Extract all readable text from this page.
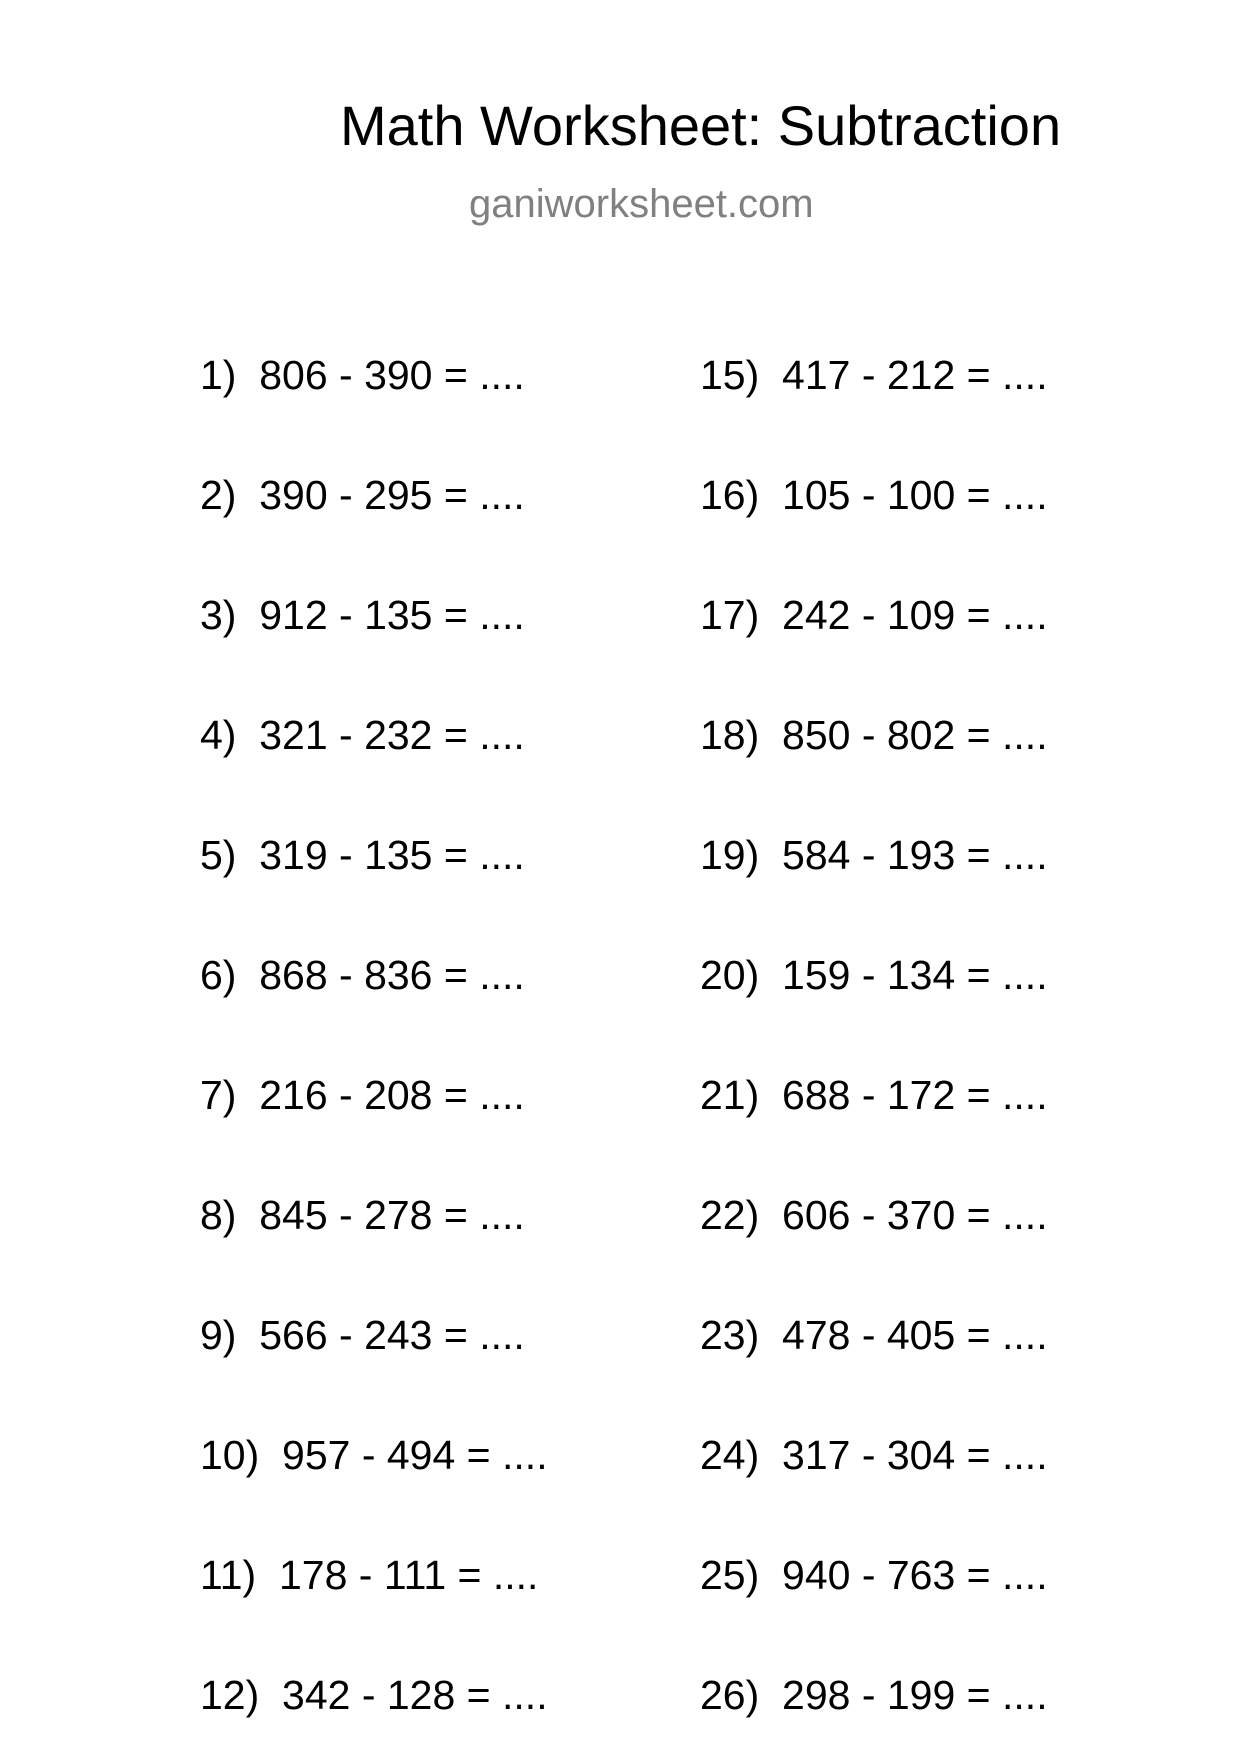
Math Worksheet: Subtraction
ganiworksheet.com
1)  806 - 390 = ....
2)  390 - 295 = ....
3)  912 - 135 = ....
4)  321 - 232 = ....
5)  319 - 135 = ....
6)  868 - 836 = ....
7)  216 - 208 = ....
8)  845 - 278 = ....
9)  566 - 243 = ....
10)  957 - 494 = ....
11)  178 - 111 = ....
12)  342 - 128 = ....
15)  417 - 212 = ....
16)  105 - 100 = ....
17)  242 - 109 = ....
18)  850 - 802 = ....
19)  584 - 193 = ....
20)  159 - 134 = ....
21)  688 - 172 = ....
22)  606 - 370 = ....
23)  478 - 405 = ....
24)  317 - 304 = ....
25)  940 - 763 = ....
26)  298 - 199 = ....
